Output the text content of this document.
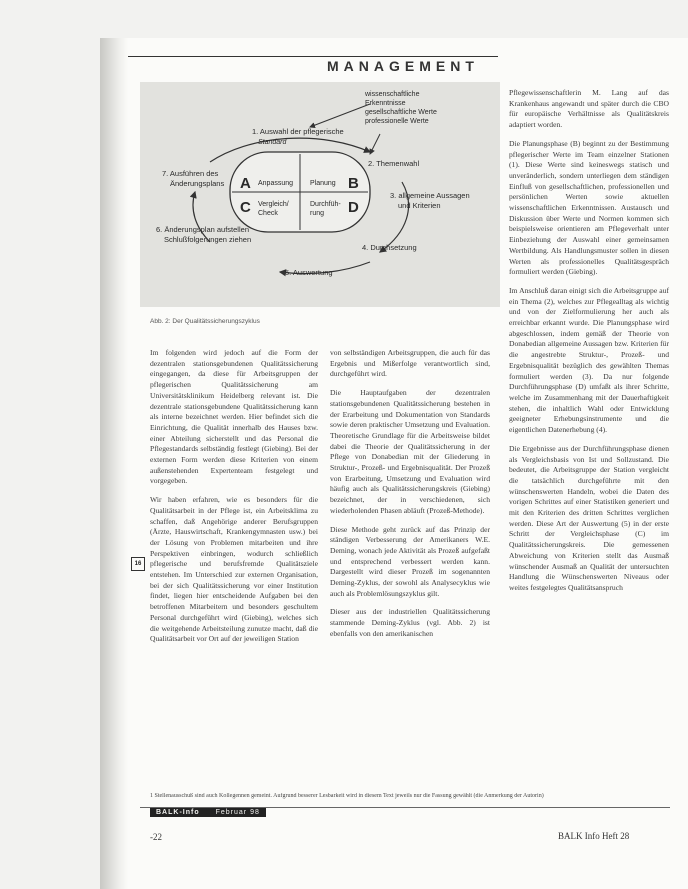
MANAGEMENT
wissenschaftliche
Erkenntnisse
gesellschaftliche Werte
professionelle Werte
1. Auswahl der pflegerische
Standard
2. Themenwahl
3. allgemeine Aussagen
und Kriterien
4. Durchsetzung
5. Auswertung
6. Änderungsplan aufstellen
Schlußfolgerungen ziehen
7. Ausführen des
Änderungsplans A Anpassung Planung B
C Vergleich/
Check
Durchfüh-
rung D
Abb. 2: Der Qualitätssicherungszyklus

Im folgenden wird jedoch auf die Form der dezentralen stationsgebundenen Qualitätssicherung eingegangen, da diese für Arbeitsgruppen der pflegerischen Qualitätssicherung am Universitätsklinikum Heidelberg relevant ist. Die dezentrale stationsgebundene Qualitätssicherung kann als interne bezeichnet werden. Hier befindet sich die Einrichtung, die Qualität innerhalb des Hauses bzw. einer Abteilung sicherstellt und das Personal die Pflegestandards selbständig festlegt (Giebing). Bei der externen Form werden diese Kriterien von einem außenstehenden Expertenteam festgelegt und vorgegeben.

Wir haben erfahren, wie es besonders für die Qualitätsarbeit in der Pflege ist, ein Arbeitsklima zu schaffen, daß Angehörige anderer Berufsgruppen (Ärzte, Hauswirtschaft, Krankengymnasten usw.) bei der Lösung von Problemen mitarbeiten und ihre Perspektiven einbringen, wodurch schließlich pflegerische und berufsfremde Qualitätsziele entstehen. Im Unterschied zur externen Organisation, bei der sich Qualitätssicherung vor einer Institution findet, liegen hier entscheidende Aufgaben bei den betroffenen Mitarbeitern und besonders geschultem Personal durchgeführt wird (Giebing), welches sich die weitgehende Arbeitsteilung zunutze macht, daß die Qualitätsarbeit vor Ort auf der jeweiligen Station

von selbständigen Arbeitsgruppen, die auch für das Ergebnis und Mißerfolge verantwortlich sind, durchgeführt wird.

Die Hauptaufgaben der dezentralen stationsgebundenen Qualitätssicherung bestehen in der Erarbeitung und Dokumentation von Standards sowie deren praktischer Umsetzung und Evaluation. Theoretische Grundlage für die Arbeitsweise bildet dabei die Theorie der Qualitätssicherung in der Pflege von Donabedian mit der Gliederung in Struktur-, Prozeß- und Ergebnisqualität. Der Prozeß von Erarbeitung, Umsetzung und Evaluation wird häufig auch als Qualitätssicherungskreis (Giebing) bezeichnet, der in verschiedenen, sich wiederholenden Phasen abläuft (Prozeß-Methode).

Diese Methode geht zurück auf das Prinzip der ständigen Verbesserung der Amerikaners W.E. Deming, wonach jede Aktivität als Prozeß aufgefaßt und entsprechend verbessert werden kann. Dargestellt wird dieser Prozeß im sogenannten Deming-Zyklus, der sowohl als Analysecyklus wie auch als Problemlösungszyklus gilt.

Dieser aus der industriellen Qualitätssicherung stammende Deming-Zyklus (vgl. Abb. 2) ist ebenfalls von den amerikanischen

Pflegewissenschaftlerin M. Lang auf das Krankenhaus angewandt und später durch die CBO für europäische Verhältnisse als Qualitätskreis adaptiert worden.

Die Planungsphase (B) beginnt zu der Bestimmung pflegerischer Werte im Team einzelner Stationen (1). Diese Werte sind keineswegs statisch und unveränderlich, sondern unterliegen dem ständigen Einfluß von gesellschaftlichen, professionellen und persönlichen Werten sowie aktuellen wissenschaftlichen Erkenntnissen. Austausch und Diskussion über Werte und Normen kommen sich beispielsweise orientieren am Pflegeverhalt unter Einbeziehung der Auswahl einer gemeinsamen Wertbildung. Als Handlungsmuster sollen in diesen Werten als professionelles Qualitätsgespräch formuliert werden (Giebing).

Im Anschluß daran einigt sich die Arbeitsgruppe auf ein Thema (2), welches zur Pflegealltag als wichtig und von der Zielformulierung her auch als erreichbar erkannt wurde. Die Planungsphase wird abgeschlossen, indem gemäß der Theorie von Donabedian allgemeine Aussagen bzw. Kriterien für die angestrebte Struktur-, Prozeß- und Ergebnisqualität bezüglich des gewählten Themas formuliert werden (3). Da nur folgende Durchführungsphase (D) umfaßt als ihrer Schritte, welche im Zusammenhang mit der Dauerhaftigkeit stehen, die inhaltlich Wahl oder Entwicklung geeigneter Erhebungsinstrumente und die eigentlichen Datenerhebung (4).

Die Ergebnisse aus der Durchführungsphase dienen als Vergleichsbasis von Ist und Sollzustand. Die bedeutet, die Arbeitsgruppe der Station vergleicht die tatsächlich durchgeführte mit den wünschenswerten Handeln, wobei die Daten des vorigen Schrittes auf einer Statistiken generiert und mit den Kriterien des dritten Schrittes verglichen werden. Diese Art der Auswertung (5) in der erste Schritt der Vergleichsphase (C) im Qualitätssicherungskreis. Die gemessenen Abweichung von Kriterien stellt das Ausmaß wünschender Ausmaß an Qualität der untersuchten Handlung die Wünschenswerten Niveaus oder weites festgelegtes Qualitätsanspruch

16
1 Stellenausschuß sind auch Kollegennen gemeint. Aufgrund besserer Lesbarkeit wird in diesem Text jeweils nur die Fassung gewählt (die Anmerkung der Autorin)
BALK-Info Februar 98
-22	BALK Info Heft 28
